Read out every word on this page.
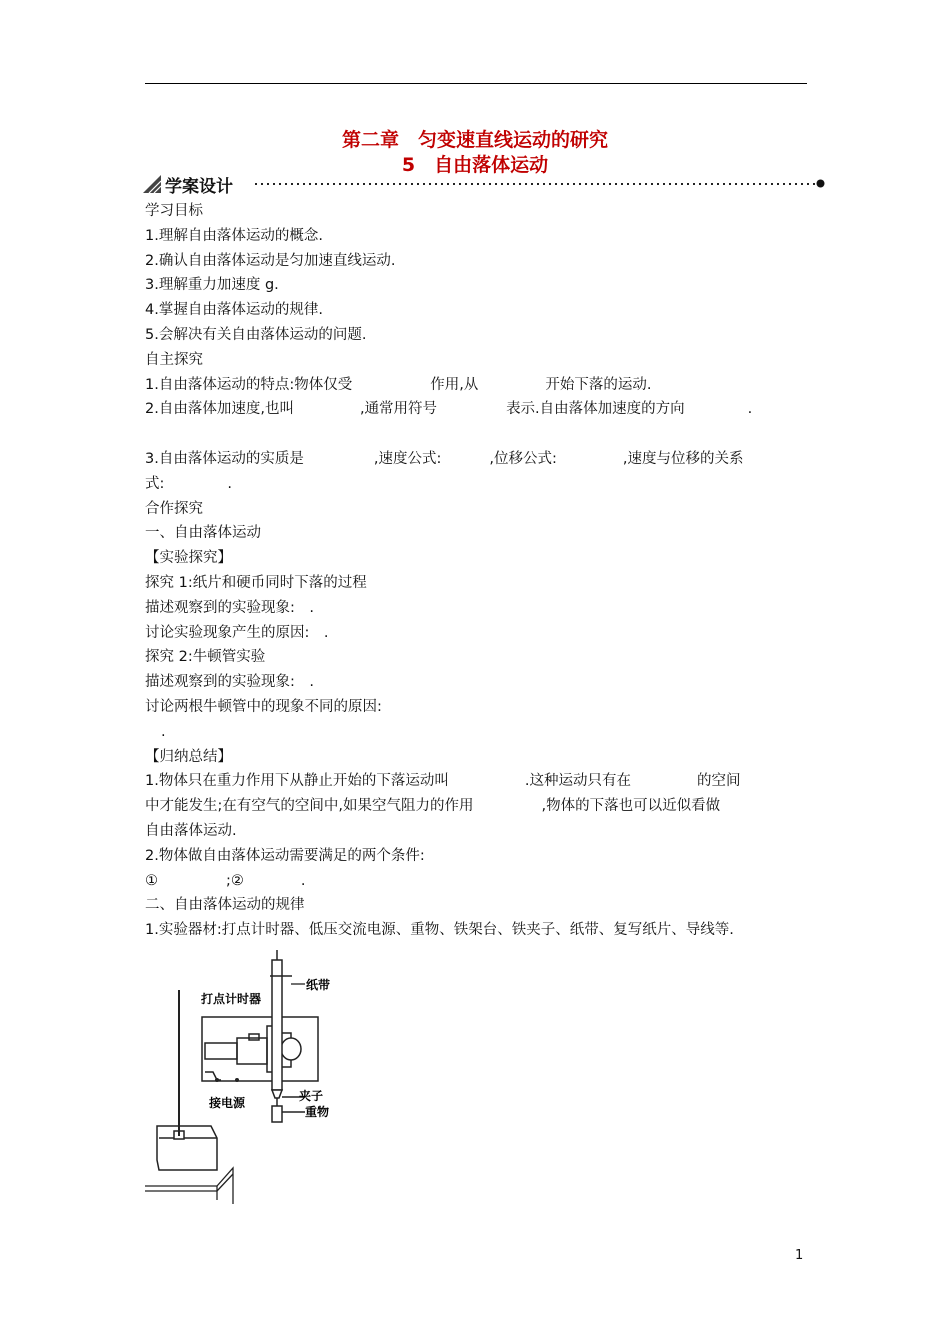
第二章　匀变速直线运动的研究
5　自由落体运动
学案设计
学习目标
1.理解自由落体运动的概念.
2.确认自由落体运动是匀加速直线运动.
3.理解重力加速度 g.
4.掌握自由落体运动的规律.
5.会解决有关自由落体运动的问题.
自主探究
1.自由落体运动的特点:物体仅受	作用,从	开始下落的运动.
2.自由落体加速度,也叫	,通常用符号	表示.自由落体加速度的方向	.
3.自由落体运动的实质是	,速度公式:	,位移公式:	,速度与位移的关系
式:	.
合作探究
一、自由落体运动
【实验探究】
探究 1:纸片和硬币同时下落的过程
描述观察到的实验现象:　.
讨论实验现象产生的原因:　.
探究 2:牛顿管实验
描述观察到的实验现象:　.
讨论两根牛顿管中的现象不同的原因:
.
【归纳总结】
1.物体只在重力作用下从静止开始的下落运动叫	.这种运动只有在	的空间
中才能发生;在有空气的空间中,如果空气阻力的作用	,物体的下落也可以近似看做
自由落体运动.
2.物体做自由落体运动需要满足的两个条件:
①	;②	.
二、自由落体运动的规律
1.实验器材:打点计时器、低压交流电源、重物、铁架台、铁夹子、纸带、复写纸片、导线等.
纸带
打点计时器
夹子
接电源
重物
1
